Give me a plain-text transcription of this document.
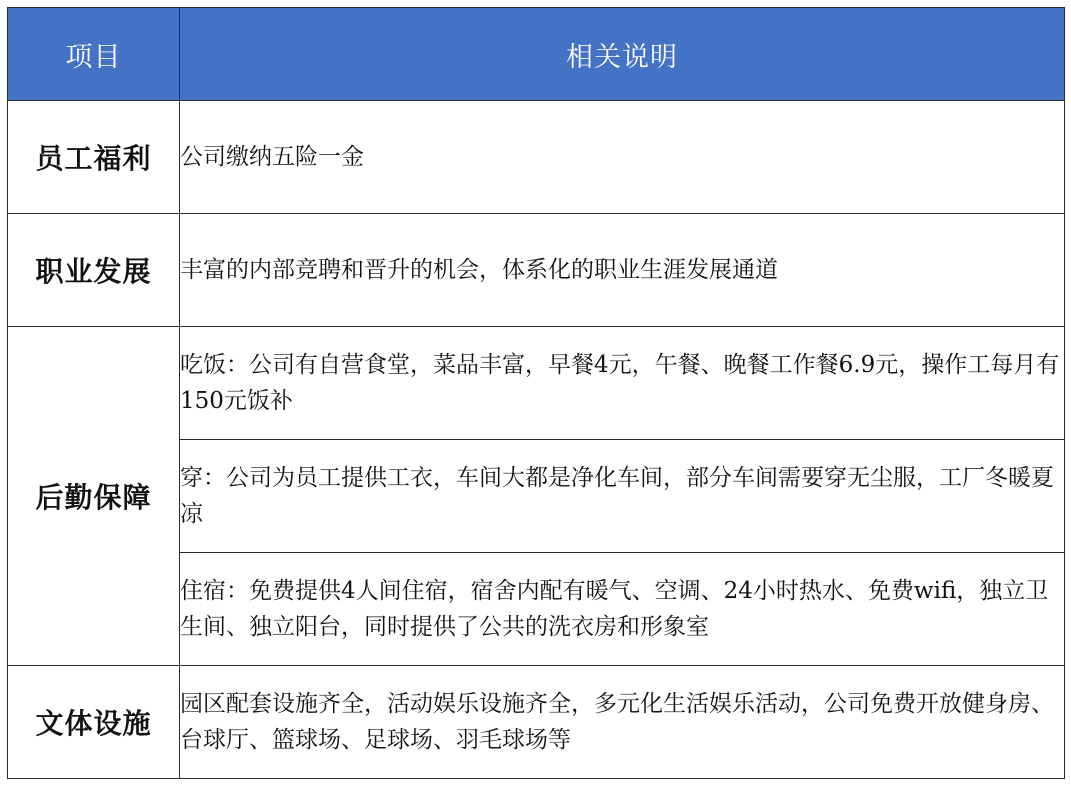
项目	相关说明
员工福利	公司缴纳五险一金
职业发展	丰富的内部竞聘和晋升的机会，体系化的职业生涯发展通道
后勤保障	吃饭：公司有自营食堂，菜品丰富，早餐4元，午餐、晚餐工作餐6.9元，操作工每月有150元饭补
	穿：公司为员工提供工衣，车间大都是净化车间，部分车间需要穿无尘服，工厂冬暖夏凉
	住宿：免费提供4人间住宿，宿舍内配有暖气、空调、24小时热水、免费wifi，独立卫生间、独立阳台，同时提供了公共的洗衣房和形象室
文体设施	园区配套设施齐全，活动娱乐设施齐全，多元化生活娱乐活动，公司免费开放健身房、台球厅、篮球场、足球场、羽毛球场等
